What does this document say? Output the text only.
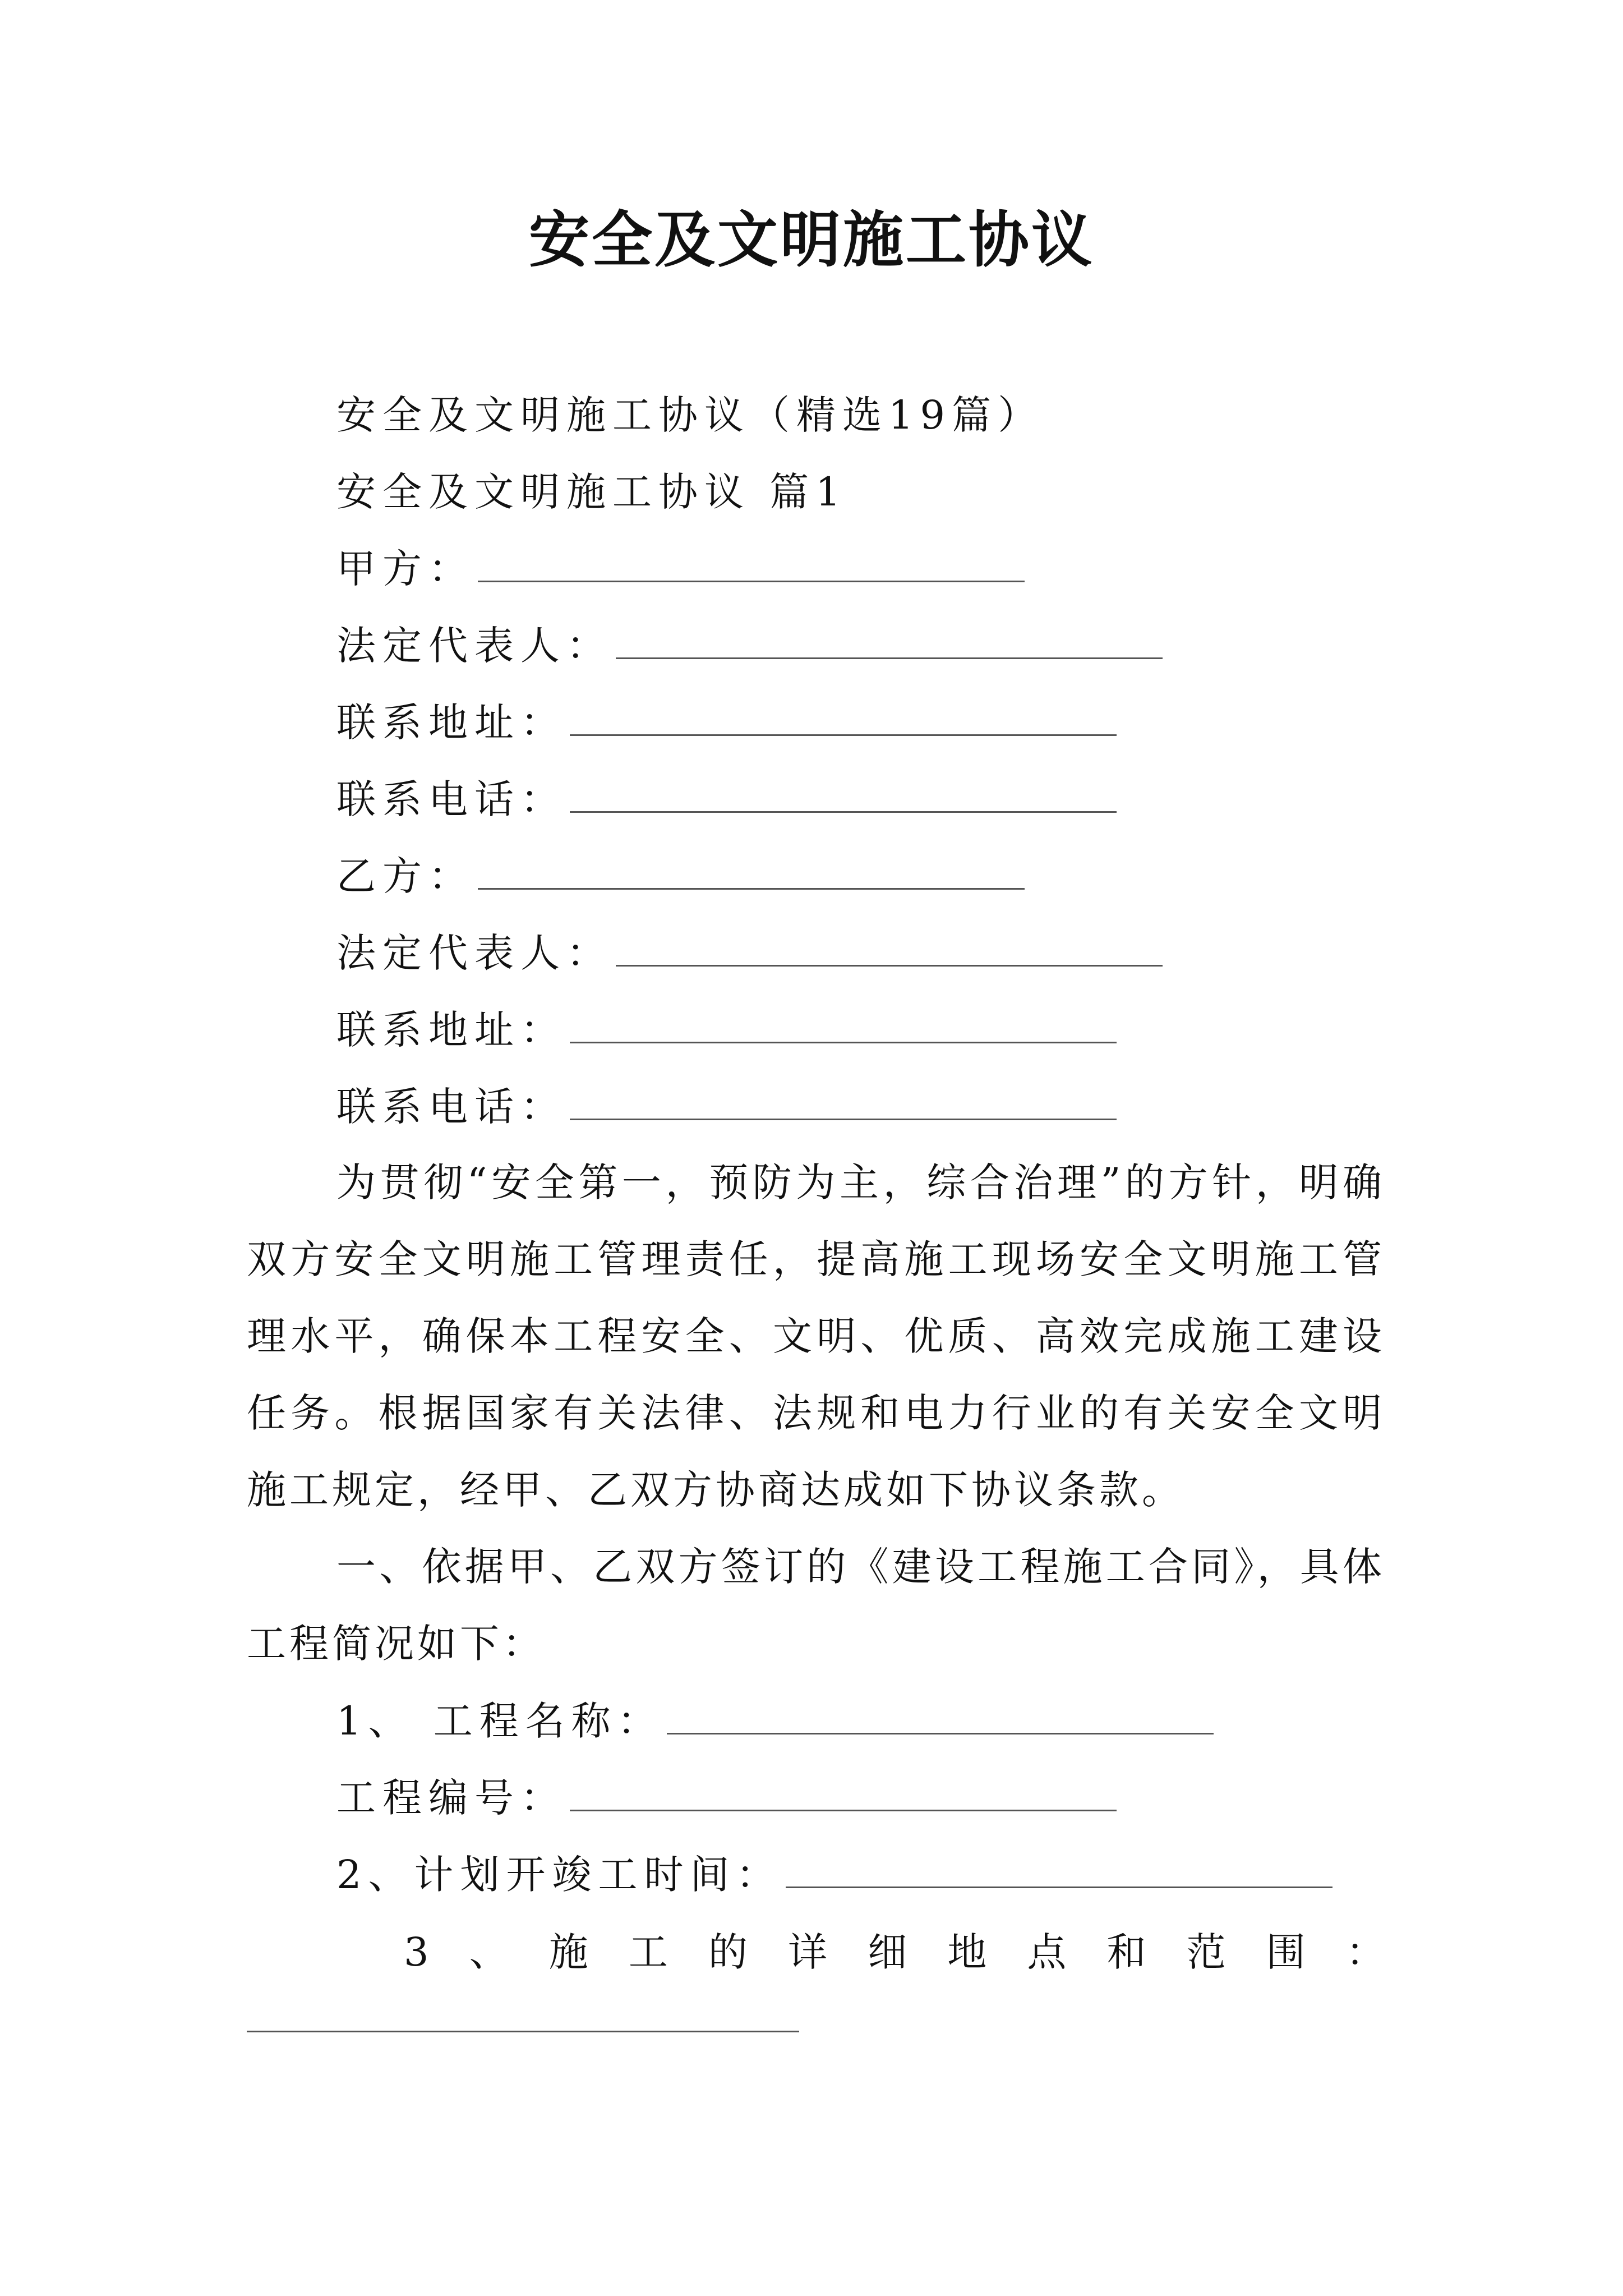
安全及文明施工协议
安全及文明施工协议（精选19篇）
安全及文明施工协议 篇1
甲方：
法定代表人：
联系地址：
联系电话：
乙方：
法定代表人：
联系地址：
联系电话：
为贯彻“安全第一，预防为主，综合治理”的方针，明确双方安全文明施工管理责任，提高施工现场安全文明施工管理水平，确保本工程安全、文明、优质、高效完成施工建设任务。根据国家有关法律、法规和电力行业的有关安全文明施工规定，经甲、乙双方协商达成如下协议条款。
一、依据甲、乙双方签订的《建设工程施工合同》，具体工程简况如下：
1、 工程名称：
工程编号：
2、计划开竣工时间：
3 、 施 工 的 详 细 地 点 和 范 围 ：
